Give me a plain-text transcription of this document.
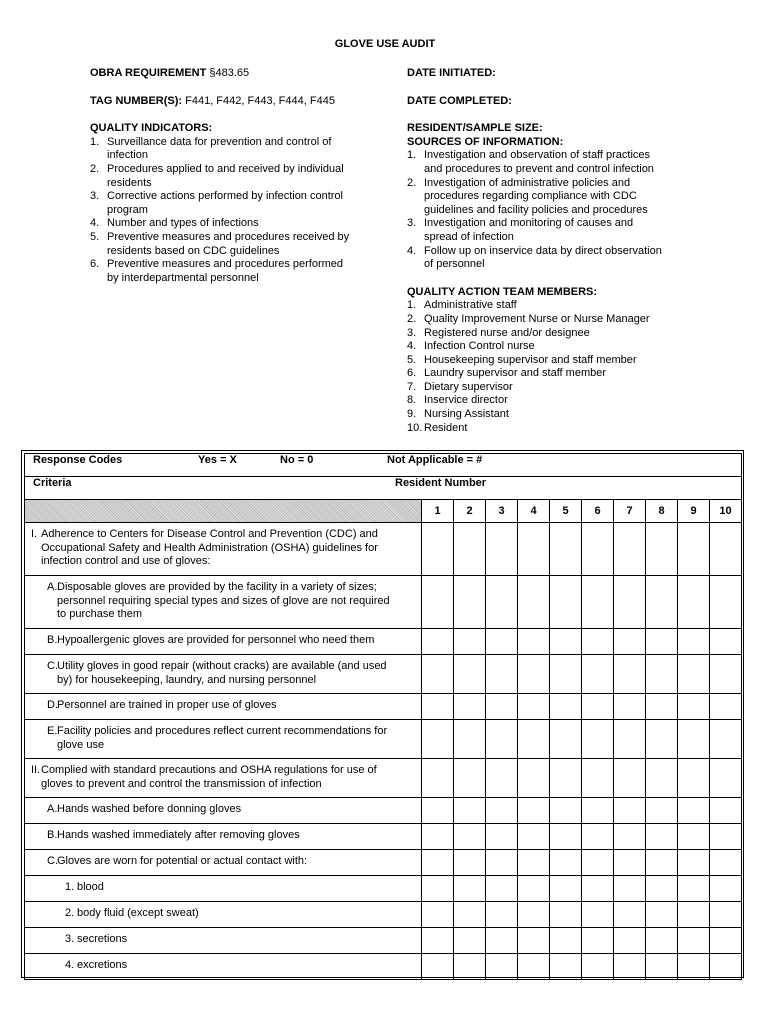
GLOVE USE AUDIT
OBRA REQUIREMENT §483.65
TAG NUMBER(S): F441, F442, F443, F444, F445
QUALITY INDICATORS:
1. Surveillance data for prevention and control of
infection
2. Procedures applied to and received by individual
residents
3. Corrective actions performed by infection control
program
4. Number and types of infections
5. Preventive measures and procedures received by
residents based on CDC guidelines
6. Preventive measures and procedures performed
by interdepartmental personnel
DATE INITIATED:
DATE COMPLETED:
RESIDENT/SAMPLE SIZE:
SOURCES OF INFORMATION:
1. Investigation and observation of staff practices
and procedures to prevent and control infection
2. Investigation of administrative policies and
procedures regarding compliance with CDC
guidelines and facility policies and procedures
3. Investigation and monitoring of causes and
spread of infection
4. Follow up on inservice data by direct observation
of personnel
QUALITY ACTION TEAM MEMBERS:
1. Administrative staff
2. Quality Improvement Nurse or Nurse Manager
3. Registered nurse and/or designee
4. Infection Control nurse
5. Housekeeping supervisor and staff member
6. Laundry supervisor and staff member
7. Dietary supervisor
8. Inservice director
9. Nursing Assistant
10. Resident
Response Codes Yes = X No = 0 Not Applicable = #										
Criteria Resident Number										
	1	2	3	4	5	6	7	8	9	10

I. Adherence to Centers for Disease Control and Prevention (CDC) and
Occupational Safety and Health Administration (OSHA) guidelines for
infection control and use of gloves:										

A. Disposable gloves are provided by the facility in a variety of sizes;
personnel requiring special types and sizes of glove are not required
to purchase them										

B. Hypoallergenic gloves are provided for personnel who need them										

C. Utility gloves in good repair (without cracks) are available (and used
by) for housekeeping, laundry, and nursing personnel										

D. Personnel are trained in proper use of gloves										

E. Facility policies and procedures reflect current recommendations for
glove use										

II. Complied with standard precautions and OSHA regulations for use of
gloves to prevent and control the transmission of infection										

A. Hands washed before donning gloves										

B. Hands washed immediately after removing gloves										

C. Gloves are worn for potential or actual contact with:										

1. blood										

2. body fluid (except sweat)										

3. secretions										

4. excretions										
